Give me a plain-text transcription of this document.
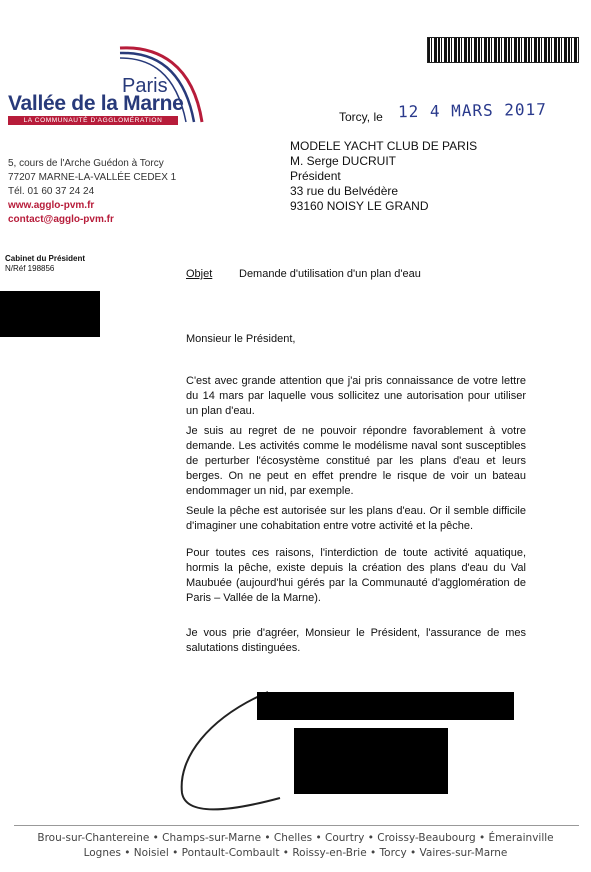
Paris
Vallée de la Marne
LA COMMUNAUTÉ D'AGGLOMÉRATION
5, cours de l'Arche Guédon à Torcy
77207 MARNE-LA-VALLÉE CEDEX 1
Tél. 01 60 37 24 24
www.agglo-pvm.fr
contact@agglo-pvm.fr
Cabinet du Président
N/Réf 198856
Torcy, le 12 4 MARS 2017
MODELE YACHT CLUB DE PARIS
M. Serge DUCRUIT
Président
33 rue du Belvédère
93160 NOISY LE GRAND
Objet Demande d'utilisation d'un plan d'eau
Monsieur le Président,
C'est avec grande attention que j'ai pris connaissance de votre lettre du 14 mars par laquelle vous sollicitez une autorisation pour utiliser un plan d'eau.
Je suis au regret de ne pouvoir répondre favorablement à votre demande. Les activités comme le modélisme naval sont susceptibles de perturber l'écosystème constitué par les plans d'eau et leurs berges. On ne peut en effet prendre le risque de voir un bateau endommager un nid, par exemple.
Seule la pêche est autorisée sur les plans d'eau. Or il semble difficile d'imaginer une cohabitation entre votre activité et la pêche.
Pour toutes ces raisons, l'interdiction de toute activité aquatique, hormis la pêche, existe depuis la création des plans d'eau du Val Maubuée (aujourd'hui gérés par la Communauté d'agglomération de Paris – Vallée de la Marne).
Je vous prie d'agréer, Monsieur le Président, l'assurance de mes salutations distinguées.
Brou-sur-Chantereine • Champs-sur-Marne • Chelles • Courtry • Croissy-Beaubourg • Émerainville
Lognes • Noisiel • Pontault-Combault • Roissy-en-Brie • Torcy • Vaires-sur-Marne
